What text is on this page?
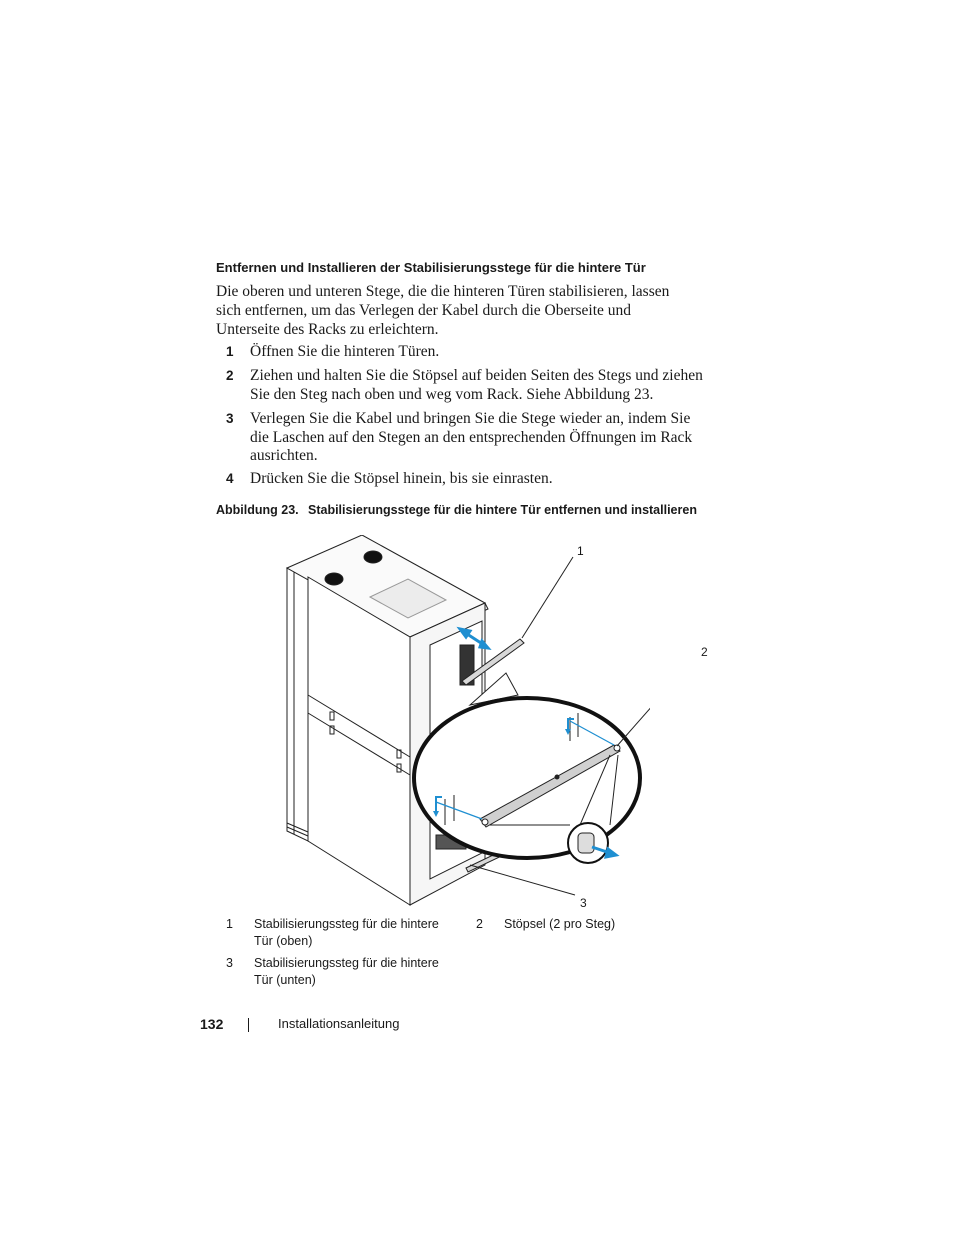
Entfernen und Installieren der Stabilisierungsstege für die hintere Tür
Die oberen und unteren Stege, die die hinteren Türen stabilisieren, lassen
sich entfernen, um das Verlegen der Kabel durch die Oberseite und
Unterseite des Racks zu erleichtern.
1 Öffnen Sie die hinteren Türen.
2 Ziehen und halten Sie die Stöpsel auf beiden Seiten des Stegs und ziehen
Sie den Steg nach oben und weg vom Rack. Siehe Abbildung 23.
3 Verlegen Sie die Kabel und bringen Sie die Stege wieder an, indem Sie
die Laschen auf den Stegen an den entsprechenden Öffnungen im Rack
ausrichten.
4 Drücken Sie die Stöpsel hinein, bis sie einrasten.
Abbildung 23. Stabilisierungsstege für die hintere Tür entfernen und installieren
1
2
3
1 Stabilisierungssteg für die hintere
Tür (oben)
2 Stöpsel (2 pro Steg)
3 Stabilisierungssteg für die hintere
Tür (unten)
132	Installationsanleitung
